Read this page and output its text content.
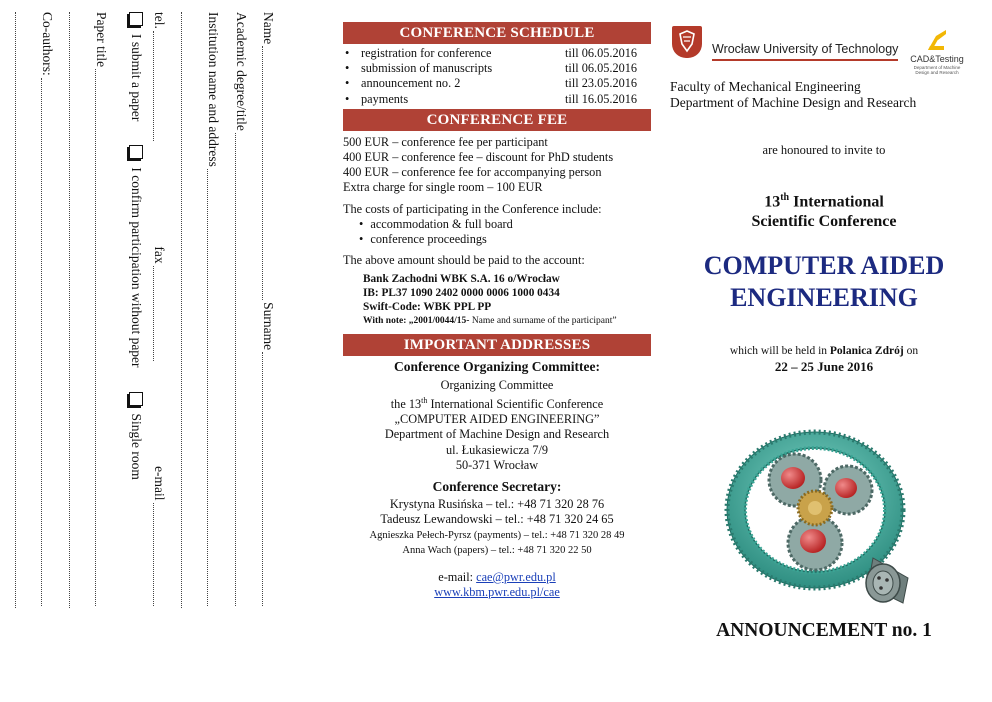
Name
Surname
Academic degree/title
Institution name and address
tel.
fax
e-mail
I submit a paper
I confirm participation without paper
Single room
Paper title
Co-authors:	CONFERENCE SCHEDULE
• registration for conference	till 06.05.2016
• submission of manuscripts	till 06.05.2016
• announcement no. 2	till 23.05.2016
• payments	till 16.05.2016
CONFERENCE FEE
500 EUR – conference fee per participant
400 EUR – conference fee – discount for PhD students
400 EUR – conference fee for accompanying person
Extra charge for single room – 100 EUR
The costs of participating in the Conference include:
• accommodation & full board
• conference proceedings
The above amount should be paid to the account:
Bank Zachodni WBK S.A. 16 o/Wrocław
IB: PL37 1090 2402 0000 0006 1000 0434
Swift-Code: WBK PPL PP
With note: „2001/0044/15- Name and surname of the participant”
IMPORTANT ADDRESSES
Conference Organizing Committee:
Organizing Committee
the 13th International Scientific Conference
„COMPUTER AIDED ENGINEERING”
Department of Machine Design and Research
ul. Łukasiewicza 7/9
50-371 Wrocław
Conference Secretary:
Krystyna Rusińska – tel.: +48 71 320 28 76
Tadeusz Lewandowski – tel.: +48 71 320 24 65
Agnieszka Pełech-Pyrsz (payments) – tel.: +48 71 320 28 49
Anna Wach (papers) – tel.: +48 71 320 22 50
e-mail: cae@pwr.edu.pl
www.kbm.pwr.edu.pl/cae
Wrocław University of Technology
CAD&Testing
Department of Machine
Design and Research
Faculty of Mechanical Engineering
Department of Machine Design and Research
are honoured to invite to
13th International
Scientific Conference
COMPUTER AIDED
ENGINEERING
which will be held in Polanica Zdrój on
22 – 25 June 2016
ANNOUNCEMENT no. 1
